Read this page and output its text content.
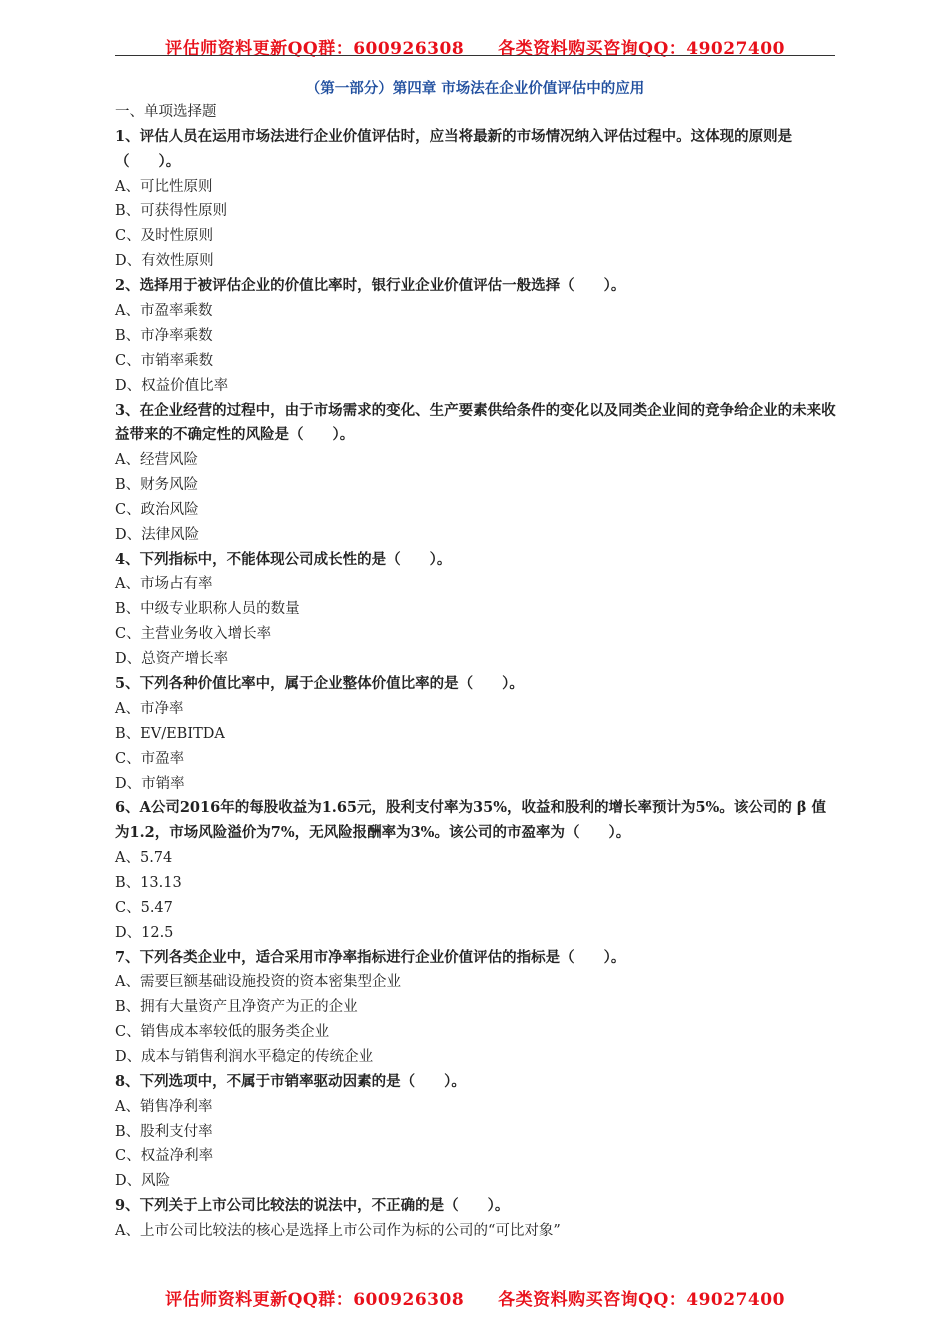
评估师资料更新QQ群：600926308 各类资料购买咨询QQ：49027400
（第一部分）第四章 市场法在企业价值评估中的应用
一、单项选择题
1、评估人员在运用市场法进行企业价值评估时，应当将最新的市场情况纳入评估过程中。这体现的原则是（　　）。
A、可比性原则
B、可获得性原则
C、及时性原则
D、有效性原则
2、选择用于被评估企业的价值比率时，银行业企业价值评估一般选择（　　）。
A、市盈率乘数
B、市净率乘数
C、市销率乘数
D、权益价值比率
3、在企业经营的过程中，由于市场需求的变化、生产要素供给条件的变化以及同类企业间的竞争给企业的未来收益带来的不确定性的风险是（　　）。
A、经营风险
B、财务风险
C、政治风险
D、法律风险
4、下列指标中，不能体现公司成长性的是（　　）。
A、市场占有率
B、中级专业职称人员的数量
C、主营业务收入增长率
D、总资产增长率
5、下列各种价值比率中，属于企业整体价值比率的是（　　）。
A、市净率
B、EV/EBITDA
C、市盈率
D、市销率
6、A公司2016年的每股收益为1.65元，股利支付率为35%，收益和股利的增长率预计为5%。该公司的 β 值为1.2，市场风险溢价为7%，无风险报酬率为3%。该公司的市盈率为（　　）。
A、5.74
B、13.13
C、5.47
D、12.5
7、下列各类企业中，适合采用市净率指标进行企业价值评估的指标是（　　）。
A、需要巨额基础设施投资的资本密集型企业
B、拥有大量资产且净资产为正的企业
C、销售成本率较低的服务类企业
D、成本与销售利润水平稳定的传统企业
8、下列选项中，不属于市销率驱动因素的是（　　）。
A、销售净利率
B、股利支付率
C、权益净利率
D、风险
9、下列关于上市公司比较法的说法中，不正确的是（　　）。
A、上市公司比较法的核心是选择上市公司作为标的公司的“可比对象”
评估师资料更新QQ群：600926308 各类资料购买咨询QQ：49027400
